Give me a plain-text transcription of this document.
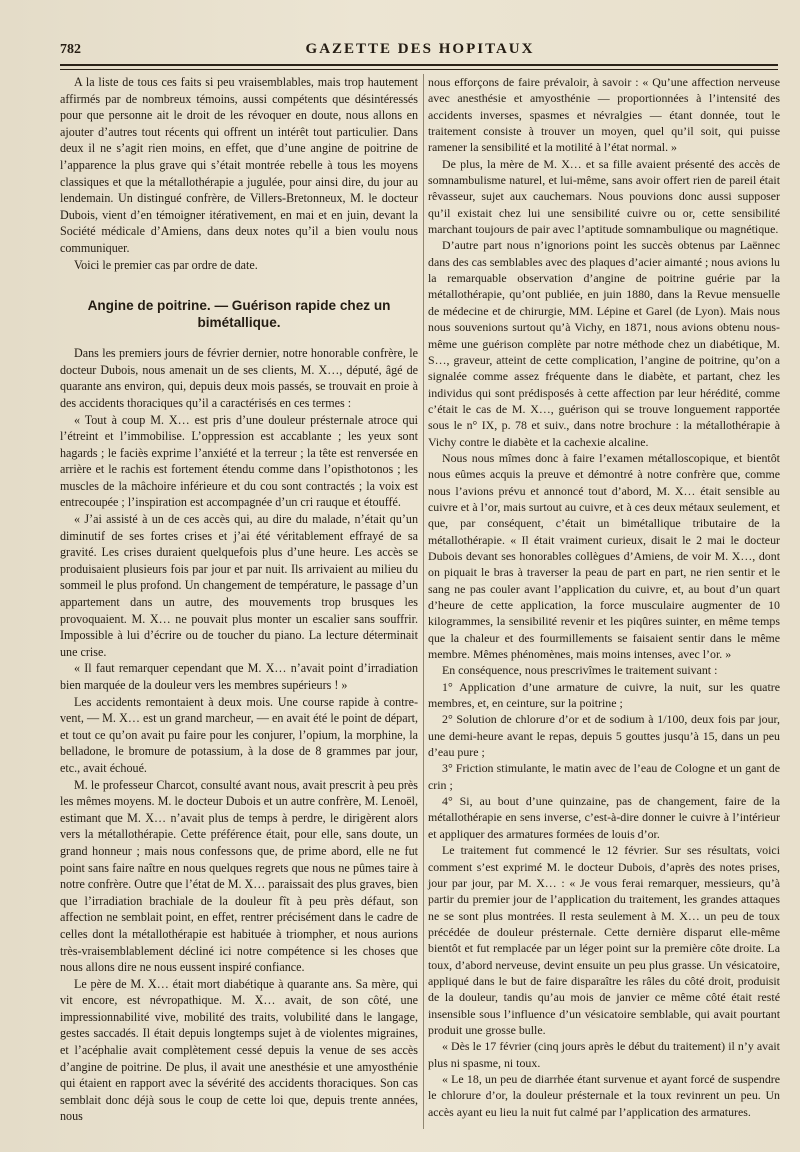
782	GAZETTE DES HOPITAUX

A la liste de tous ces faits si peu vraisemblables, mais trop hautement affirmés par de nombreux témoins, aussi compétents que désintéressés pour que personne ait le droit de les révoquer en doute, nous allons en ajouter d’autres tout récents qui offrent un intérêt tout particulier. Dans deux il ne s’agit rien moins, en effet, que d’une angine de poitrine de l’apparence la plus grave qui s’était montrée rebelle à tous les moyens classiques et que la métallothérapie a jugulée, pour ainsi dire, du jour au lendemain. Un distingué confrère, de Villers-Bretonneux, M. le docteur Dubois, vient d’en témoigner itérativement, en mai et en juin, devant la Société médicale d’Amiens, dans deux notes qu’il a bien voulu nous communiquer.

Voici le premier cas par ordre de date.

Angine de poitrine. — Guérison rapide chez un
bimétallique.

Dans les premiers jours de février dernier, notre honorable confrère, le docteur Dubois, nous amenait un de ses clients, M. X…, député, âgé de quarante ans environ, qui, depuis deux mois passés, se trouvait en proie à des accidents thoraciques qu’il a caractérisés en ces termes :

« Tout à coup M. X… est pris d’une douleur présternale atroce qui l’étreint et l’immobilise. L’oppression est accablante ; les yeux sont hagards ; le faciès exprime l’anxiété et la terreur ; la tête est renversée en arrière et le rachis est fortement étendu comme dans l’opisthotonos ; les muscles de la mâchoire inférieure et du cou sont contractés ; la voix est entrecoupée ; l’inspiration est accompagnée d’un cri rauque et étouffé.

« J’ai assisté à un de ces accès qui, au dire du malade, n’était qu’un diminutif de ses fortes crises et j’ai été véritablement effrayé de sa gravité. Les crises duraient quelquefois plus d’une heure. Les accès se produisaient plusieurs fois par jour et par nuit. Ils arrivaient au milieu du sommeil le plus profond. Un changement de température, le passage d’un appartement dans un autre, des mouvements trop brusques les provoquaient. M. X… ne pouvait plus monter un escalier sans souffrir. Impossible à lui d’écrire ou de toucher du piano. La lecture déterminait une crise.

« Il faut remarquer cependant que M. X… n’avait point d’irradiation bien marquée de la douleur vers les membres supérieurs ! »

Les accidents remontaient à deux mois. Une course rapide à contre-vent, — M. X… est un grand marcheur, — en avait été le point de départ, et tout ce qu’on avait pu faire pour les conjurer, l’opium, la morphine, la belladone, le bromure de potassium, à la dose de 8 grammes par jour, etc., avait échoué.

M. le professeur Charcot, consulté avant nous, avait prescrit à peu près les mêmes moyens. M. le docteur Dubois et un autre confrère, M. Lenoël, estimant que M. X… n’avait plus de temps à perdre, le dirigèrent alors vers la métallothérapie. Cette préférence était, pour elle, sans doute, un grand honneur ; mais nous confessons que, de prime abord, elle ne fut point sans faire naître en nous quelques regrets que nous ne pûmes taire à notre confrère. Outre que l’état de M. X… paraissait des plus graves, bien que l’irradiation brachiale de la douleur fît à peu près défaut, son affection ne semblait point, en effet, rentrer précisément dans le cadre de celles dont la métallothérapie est habituée à triompher, et nous aurions très-vraisemblablement décliné ici notre compétence si les choses que nous allons dire ne nous eussent inspiré confiance.

Le père de M. X… était mort diabétique à quarante ans. Sa mère, qui vit encore, est névropathique. M. X… avait, de son côté, une impressionnabilité vive, mobilité des traits, volubilité dans le langage, gestes saccadés. Il était depuis longtemps sujet à de violentes migraines, et l’acéphalie avait complètement cessé depuis la venue de ses accès d’angine de poitrine. De plus, il avait une anesthésie et une amyosthénie qui étaient en rapport avec la sévérité des accidents thoraciques. Son cas semblait donc déjà sous le coup de cette loi que, depuis trente années, nous

nous efforçons de faire prévaloir, à savoir : « Qu’une affection nerveuse avec anesthésie et amyosthénie — proportionnées à l’intensité des accidents inverses, spasmes et névralgies — étant donnée, tout le traitement consiste à trouver un moyen, quel qu’il soit, qui puisse ramener la sensibilité et la motilité à l’état normal. »

De plus, la mère de M. X… et sa fille avaient présenté des accès de somnambulisme naturel, et lui-même, sans avoir offert rien de pareil était rêvasseur, sujet aux cauchemars. Nous pouvions donc aussi supposer qu’il existait chez lui une sensibilité cuivre ou or, cette sensibilité marchant toujours de pair avec l’aptitude somnambulique ou magnétique.

D’autre part nous n’ignorions point les succès obtenus par Laënnec dans des cas semblables avec des plaques d’acier aimanté ; nous avions lu la remarquable observation d’angine de poitrine guérie par la métallothérapie, qu’ont publiée, en juin 1880, dans la Revue mensuelle de médecine et de chirurgie, MM. Lépine et Garel (de Lyon). Mais nous nous souvenions surtout qu’à Vichy, en 1871, nous avions obtenu nous-même une guérison complète par notre méthode chez un diabétique, M. S…, graveur, atteint de cette complication, l’angine de poitrine, qu’on a signalée comme assez fréquente dans le diabète, et partant, chez les individus qui sont prédisposés à cette affection par leur hérédité, comme c’était le cas de M. X…, guérison qui se trouve longuement rapportée sous le n° IX, p. 78 et suiv., dans notre brochure : la métallothérapie à Vichy contre le diabète et la cachexie alcaline.

Nous nous mîmes donc à faire l’examen métalloscopique, et bientôt nous eûmes acquis la preuve et démontré à notre confrère que, comme nous l’avions prévu et annoncé tout d’abord, M. X… était sensible au cuivre et à l’or, mais surtout au cuivre, et à ces deux métaux seulement, et que, par conséquent, c’était un bimétallique tributaire de la métallothérapie. « Il était vraiment curieux, disait le 2 mai le docteur Dubois devant ses honorables collègues d’Amiens, de voir M. X…, dont on piquait le bras à traverser la peau de part en part, ne rien sentir et le sang ne pas couler avant l’application du cuivre, et, au bout d’un quart d’heure de cette application, la force musculaire augmenter de 10 kilogrammes, la sensibilité revenir et les piqûres suinter, en même temps que la chaleur et des fourmillements se faisaient sentir dans le même membre. Mêmes phénomènes, mais moins intenses, avec l’or. »

En conséquence, nous prescrivîmes le traitement suivant :

1° Application d’une armature de cuivre, la nuit, sur les quatre membres, et, en ceinture, sur la poitrine ;

2° Solution de chlorure d’or et de sodium à 1/100, deux fois par jour, une demi-heure avant le repas, depuis 5 gouttes jusqu’à 15, dans un peu d’eau pure ;

3° Friction stimulante, le matin avec de l’eau de Cologne et un gant de crin ;

4° Si, au bout d’une quinzaine, pas de changement, faire de la métallothérapie en sens inverse, c’est-à-dire donner le cuivre à l’intérieur et appliquer des armatures formées de louis d’or.

Le traitement fut commencé le 12 février. Sur ses résultats, voici comment s’est exprimé M. le docteur Dubois, d’après des notes prises, jour par jour, par M. X… : « Je vous ferai remarquer, messieurs, qu’à partir du premier jour de l’application du traitement, les grandes attaques ne se sont plus montrées. Il resta seulement à M. X… un peu de toux précédée de douleur présternale. Cette dernière disparut elle-même bientôt et fut remplacée par un léger point sur la première côte droite. La toux, d’abord nerveuse, devint ensuite un peu plus grasse. Un vésicatoire, appliqué dans le but de faire disparaître les râles du côté droit, produisit de la douleur, tandis qu’au mois de janvier ce même côté était resté insensible sous l’influence d’un vésicatoire semblable, qui avait pourtant produit une grosse bulle.

« Dès le 17 février (cinq jours après le début du traitement) il n’y avait plus ni spasme, ni toux.

« Le 18, un peu de diarrhée étant survenue et ayant forcé de suspendre le chlorure d’or, la douleur présternale et la toux revinrent un peu. Un accès ayant eu lieu la nuit fut calmé par l’application des armatures.
